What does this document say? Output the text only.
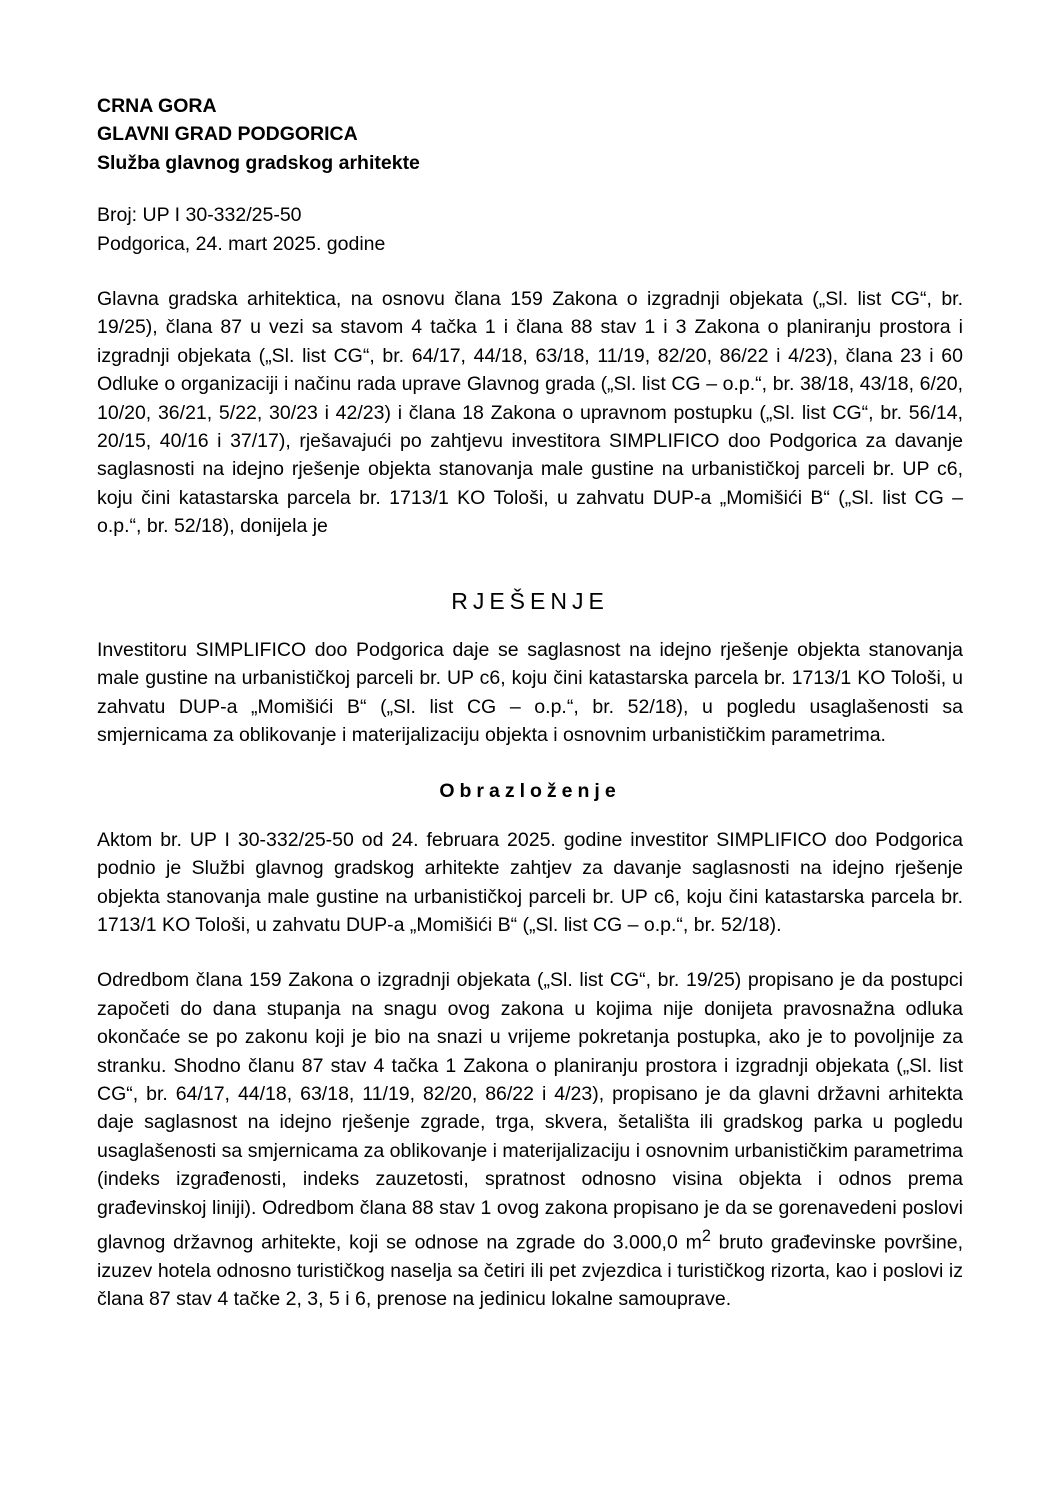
CRNA GORA
GLAVNI GRAD PODGORICA
Služba glavnog gradskog arhitekte
Broj: UP I 30-332/25-50
Podgorica, 24. mart 2025. godine

Glavna gradska arhitektica, na osnovu člana 159 Zakona o izgradnji objekata („Sl. list CG“, br. 19/25), člana 87 u vezi sa stavom 4 tačka 1 i člana 88 stav 1 i 3 Zakona o planiranju prostora i izgradnji objekata („Sl. list CG“, br. 64/17, 44/18, 63/18, 11/19, 82/20, 86/22 i 4/23), člana 23 i 60 Odluke o organizaciji i načinu rada uprave Glavnog grada („Sl. list CG – o.p.“, br. 38/18, 43/18, 6/20, 10/20, 36/21, 5/22, 30/23 i 42/23) i člana 18 Zakona o upravnom postupku („Sl. list CG“, br. 56/14, 20/15, 40/16 i 37/17), rješavajući po zahtjevu investitora SIMPLIFICO doo Podgorica za davanje saglasnosti na idejno rješenje objekta stanovanja male gustine na urbanističkoj parceli br. UP c6, koju čini katastarska parcela br. 1713/1 KO Tološi, u zahvatu DUP-a „Momišići B“ („Sl. list CG – o.p.“, br. 52/18), donijela je

RJEŠENJE

Investitoru SIMPLIFICO doo Podgorica daje se saglasnost na idejno rješenje objekta stanovanja male gustine na urbanističkoj parceli br. UP c6, koju čini katastarska parcela br. 1713/1 KO Tološi, u zahvatu DUP-a „Momišići B“ („Sl. list CG – o.p.“, br. 52/18), u pogledu usaglašenosti sa smjernicama za oblikovanje i materijalizaciju objekta i osnovnim urbanističkim parametrima.

Obrazloženje

Aktom br. UP I 30-332/25-50 od 24. februara 2025. godine investitor SIMPLIFICO doo Podgorica podnio je Službi glavnog gradskog arhitekte zahtjev za davanje saglasnosti na idejno rješenje objekta stanovanja male gustine na urbanističkoj parceli br. UP c6, koju čini katastarska parcela br. 1713/1 KO Tološi, u zahvatu DUP-a „Momišići B“ („Sl. list CG – o.p.“, br. 52/18).

Odredbom člana 159 Zakona o izgradnji objekata („Sl. list CG“, br. 19/25) propisano je da postupci započeti do dana stupanja na snagu ovog zakona u kojima nije donijeta pravosnažna odluka okončaće se po zakonu koji je bio na snazi u vrijeme pokretanja postupka, ako je to povoljnije za stranku. Shodno članu 87 stav 4 tačka 1 Zakona o planiranju prostora i izgradnji objekata („Sl. list CG“, br. 64/17, 44/18, 63/18, 11/19, 82/20, 86/22 i 4/23), propisano je da glavni državni arhitekta daje saglasnost na idejno rješenje zgrade, trga, skvera, šetališta ili gradskog parka u pogledu usaglašenosti sa smjernicama za oblikovanje i materijalizaciju i osnovnim urbanističkim parametrima (indeks izgrađenosti, indeks zauzetosti, spratnost odnosno visina objekta i odnos prema građevinskoj liniji). Odredbom člana 88 stav 1 ovog zakona propisano je da se gorenavedeni poslovi glavnog državnog arhitekte, koji se odnose na zgrade do 3.000,0 $m^2$ bruto građevinske površine, izuzev hotela odnosno turističkog naselja sa četiri ili pet zvjezdica i turističkog rizorta, kao i poslovi iz člana 87 stav 4 tačke 2, 3, 5 i 6, prenose na jedinicu lokalne samouprave.
